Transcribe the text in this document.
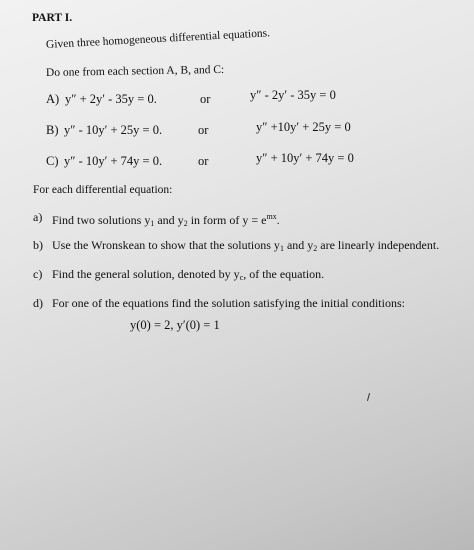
PART I.
Given three homogeneous differential equations.
Do one from each section A, B, and C:
A) y″ + 2y′ - 35y = 0.	or	y″ - 2y′ - 35y = 0
B) y″ - 10y′ + 25y = 0.	or	y″ +10y′ + 25y = 0
C) y″ - 10y′ + 74y = 0.	or	y″ + 10y′ + 74y = 0
For each differential equation:
a) Find two solutions $y_1$ and $y_2$ in form of $y = e^{mx}$.
b) Use the Wronskean to show that the solutions $y_1$ and $y_2$ are linearly independent.
c) Find the general solution, denoted by $y_c$, of the equation.
d) For one of the equations find the solution satisfying the initial conditions:
y(0) = 2, y′(0) = 1
